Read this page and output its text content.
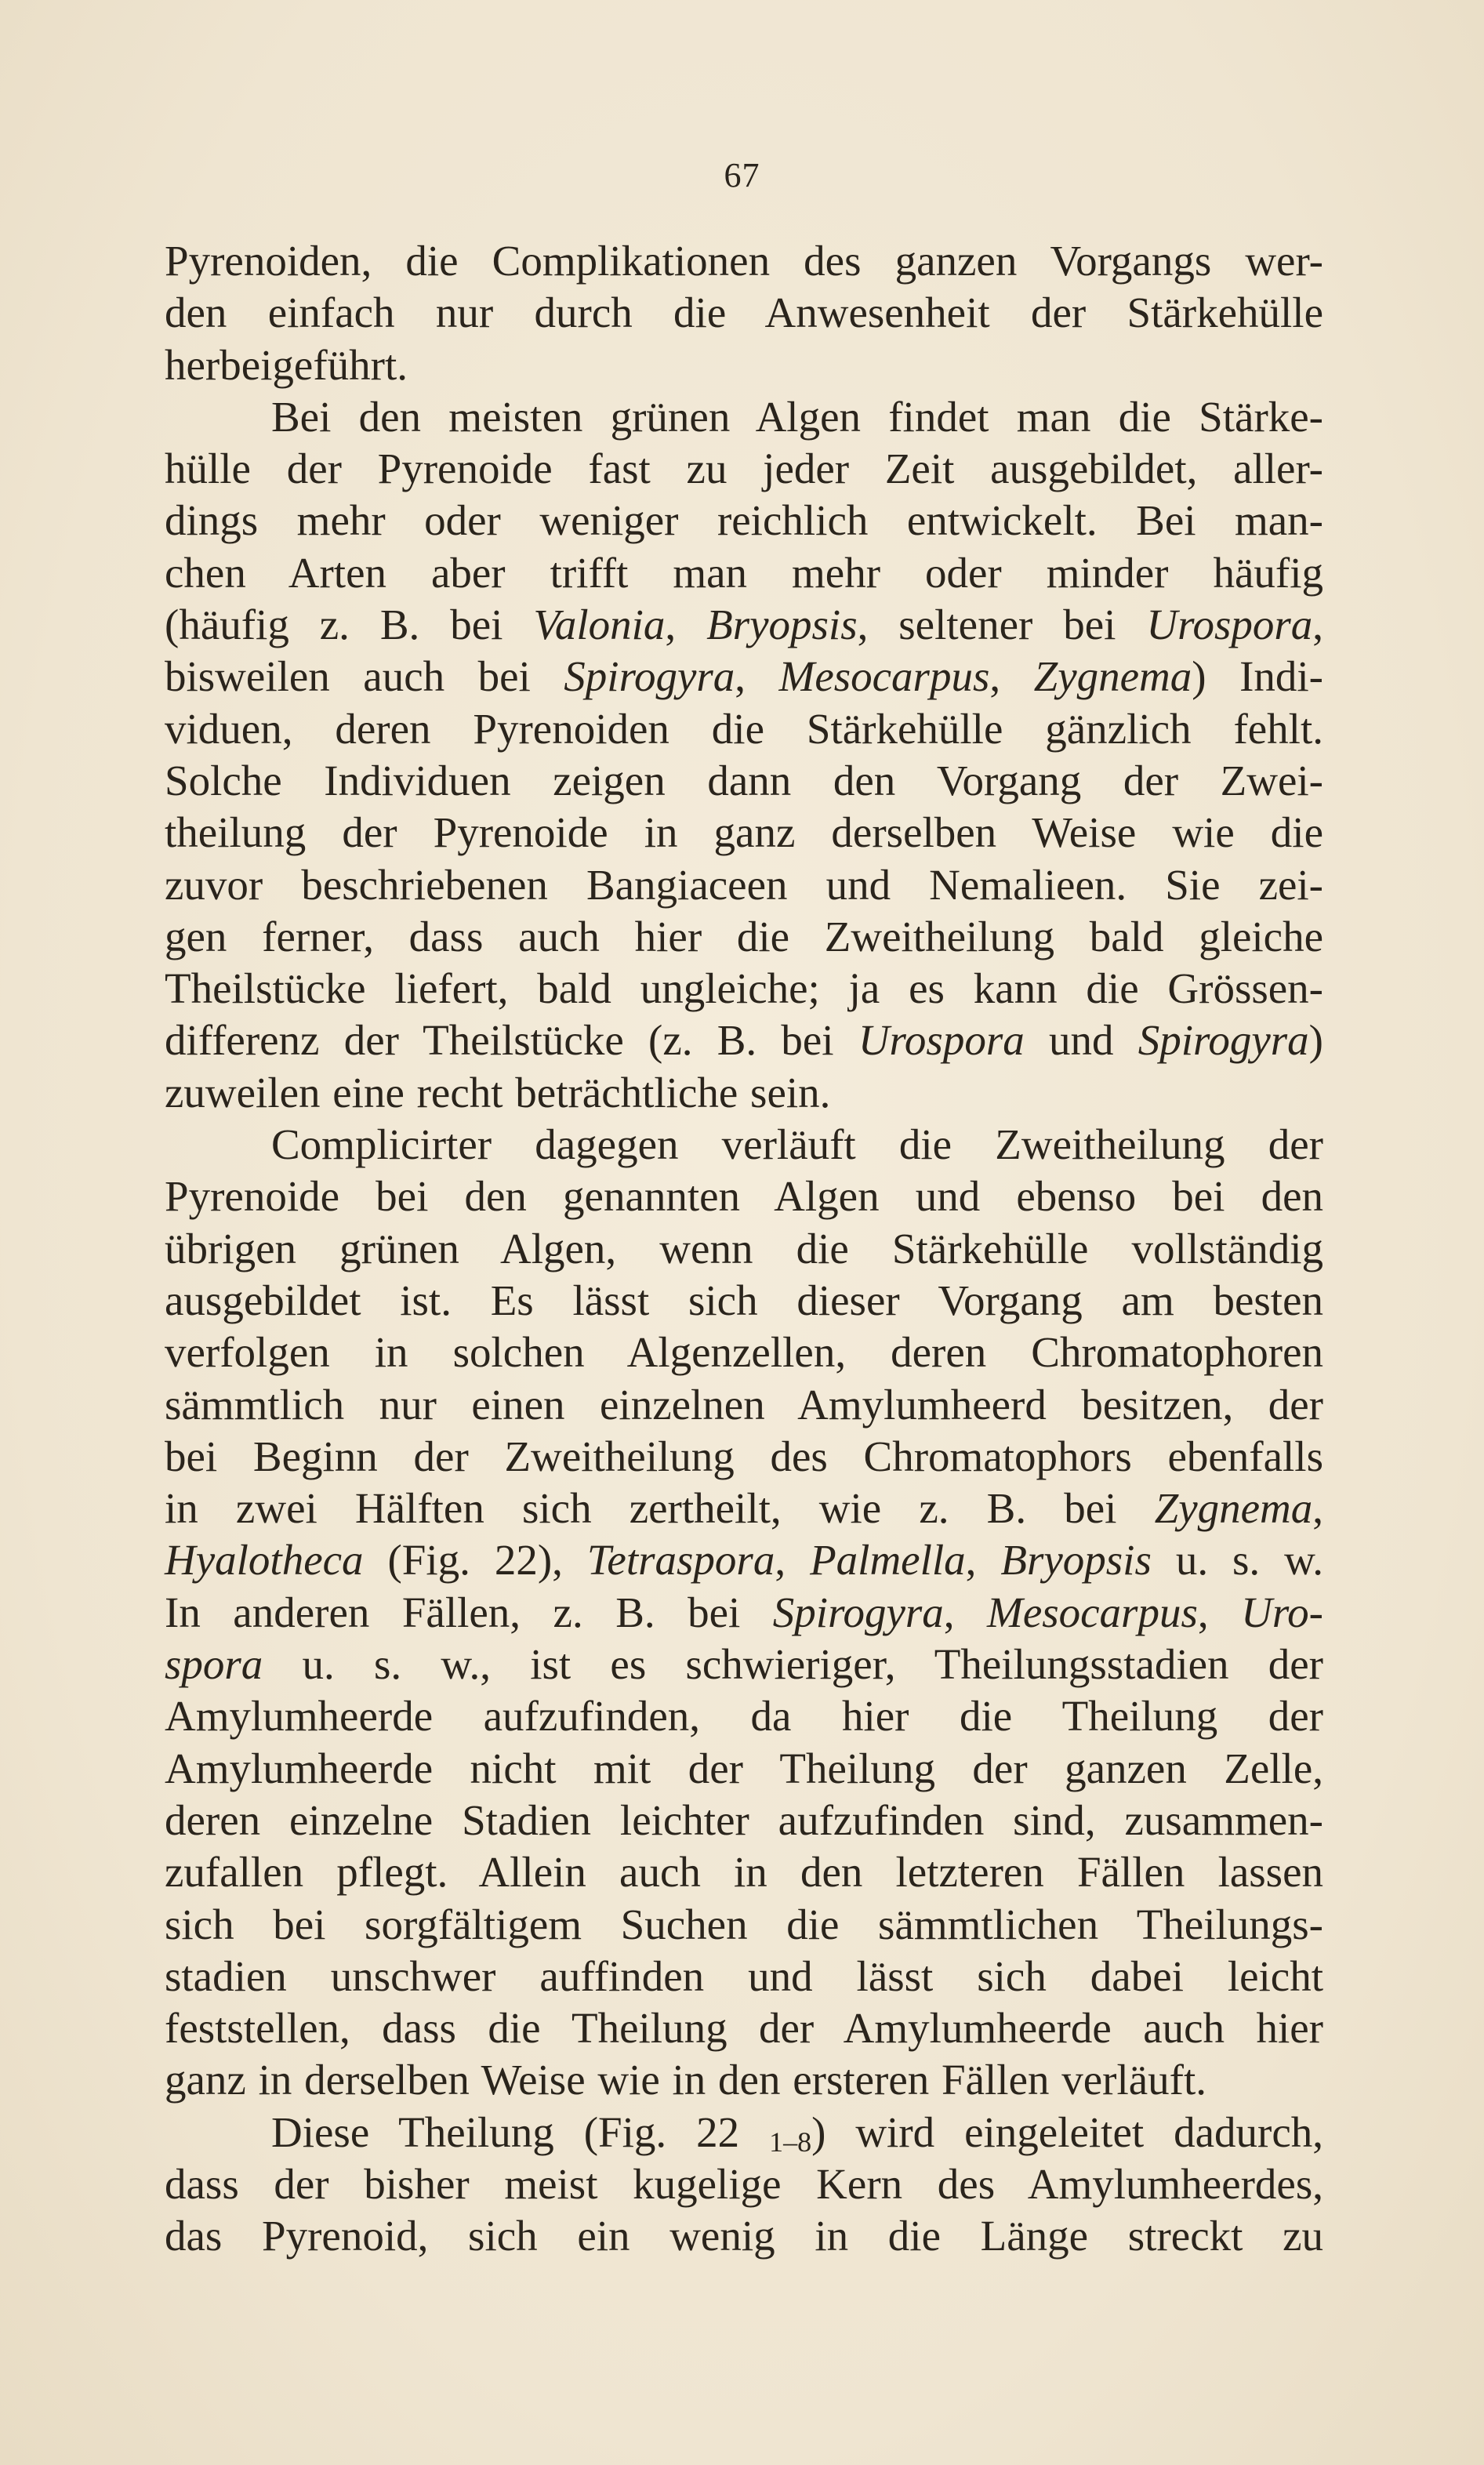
67
Pyrenoiden, die Complikationen des ganzen Vorgangs wer-
den einfach nur durch die Anwesenheit der Stärkehülle
herbeigeführt.
Bei den meisten grünen Algen findet man die Stärke-
hülle der Pyrenoide fast zu jeder Zeit ausgebildet, aller-
dings mehr oder weniger reichlich entwickelt. Bei man-
chen Arten aber trifft man mehr oder minder häufig
(häufig z. B. bei Valonia, Bryopsis, seltener bei Urospora,
bisweilen auch bei Spirogyra, Mesocarpus, Zygnema) Indi-
viduen, deren Pyrenoiden die Stärkehülle gänzlich fehlt.
Solche Individuen zeigen dann den Vorgang der Zwei-
theilung der Pyrenoide in ganz derselben Weise wie die
zuvor beschriebenen Bangiaceen und Nemalieen. Sie zei-
gen ferner, dass auch hier die Zweitheilung bald gleiche
Theilstücke liefert, bald ungleiche; ja es kann die Grössen-
differenz der Theilstücke (z. B. bei Urospora und Spirogyra)
zuweilen eine recht beträchtliche sein.
Complicirter dagegen verläuft die Zweitheilung der
Pyrenoide bei den genannten Algen und ebenso bei den
übrigen grünen Algen, wenn die Stärkehülle vollständig
ausgebildet ist. Es lässt sich dieser Vorgang am besten
verfolgen in solchen Algenzellen, deren Chromatophoren
sämmtlich nur einen einzelnen Amylumheerd besitzen, der
bei Beginn der Zweitheilung des Chromatophors ebenfalls
in zwei Hälften sich zertheilt, wie z. B. bei Zygnema,
Hyalotheca (Fig. 22), Tetraspora, Palmella, Bryopsis u. s. w.
In anderen Fällen, z. B. bei Spirogyra, Mesocarpus, Uro-
spora u. s. w., ist es schwieriger, Theilungsstadien der
Amylumheerde aufzufinden, da hier die Theilung der
Amylumheerde nicht mit der Theilung der ganzen Zelle,
deren einzelne Stadien leichter aufzufinden sind, zusammen-
zufallen pflegt. Allein auch in den letzteren Fällen lassen
sich bei sorgfältigem Suchen die sämmtlichen Theilungs-
stadien unschwer auffinden und lässt sich dabei leicht
feststellen, dass die Theilung der Amylumheerde auch hier
ganz in derselben Weise wie in den ersteren Fällen verläuft.
Diese Theilung (Fig. 22 1–8) wird eingeleitet dadurch,
dass der bisher meist kugelige Kern des Amylumheerdes,
das Pyrenoid, sich ein wenig in die Länge streckt zu
